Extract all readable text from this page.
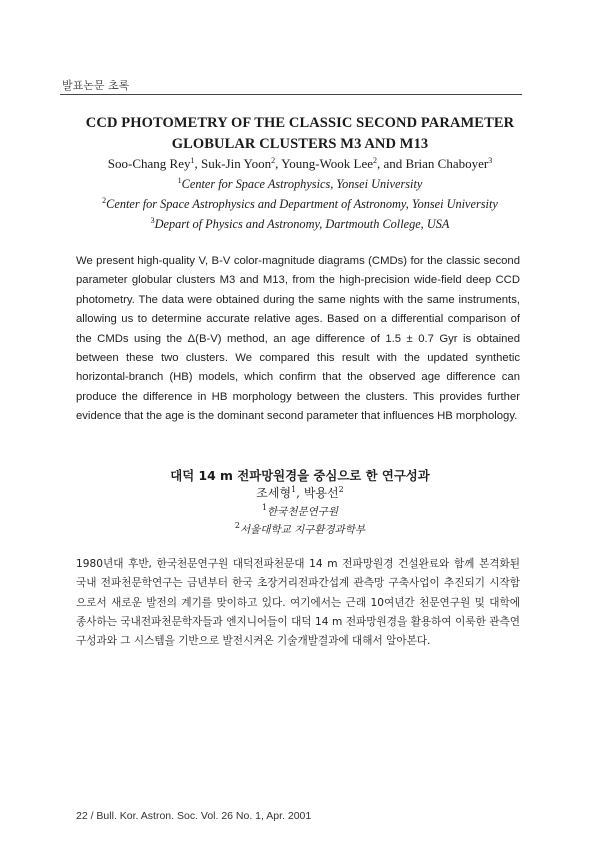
발표논문 초록
CCD PHOTOMETRY OF THE CLASSIC SECOND PARAMETER
GLOBULAR CLUSTERS M3 AND M13
Soo-Chang Rey$^1$, Suk-Jin Yoon$^2$, Young-Wook Lee$^2$, and Brian Chaboyer$^3$
$^1$Center for Space Astrophysics, Yonsei University
$^2$Center for Space Astrophysics and Department of Astronomy, Yonsei University
$^3$Depart of Physics and Astronomy, Dartmouth College, USA
We present high-quality V, B-V color-magnitude diagrams (CMDs) for the classic second parameter globular clusters M3 and M13, from the high-precision wide-field deep CCD photometry. The data were obtained during the same nights with the same instruments, allowing us to determine accurate relative ages. Based on a differential comparison of the CMDs using the Δ(B-V) method, an age difference of 1.5 ± 0.7 Gyr is obtained between these two clusters. We compared this result with the updated synthetic horizontal-branch (HB) models, which confirm that the observed age difference can produce the difference in HB morphology between the clusters. This provides further evidence that the age is the dominant second parameter that influences HB morphology.
대덕 14 m 전파망원경을 중심으로 한 연구성과
조세형$^1$, 박용선$^2$
$^1$한국천문연구원
$^2$서울대학교 지구환경과학부
1980년대 후반, 한국천문연구원 대덕전파천문대 14 m 전파망원경 건설완료와 함께 본격화된 국내 전파천문학연구는 금년부터 한국 초장거리전파간섭계 관측망 구축사업이 추진되기 시작함으로서 새로운 발전의 계기를 맞이하고 있다. 여기에서는 근래 10여년간 천문연구원 및 대학에 종사하는 국내전파천문학자들과 엔지니어들이 대덕 14 m 전파망원경을 활용하여 이룩한 관측연구성과와 그 시스템을 기반으로 발전시켜온 기술개발결과에 대해서 알아본다.
22 / Bull. Kor. Astron. Soc. Vol. 26 No. 1, Apr. 2001
